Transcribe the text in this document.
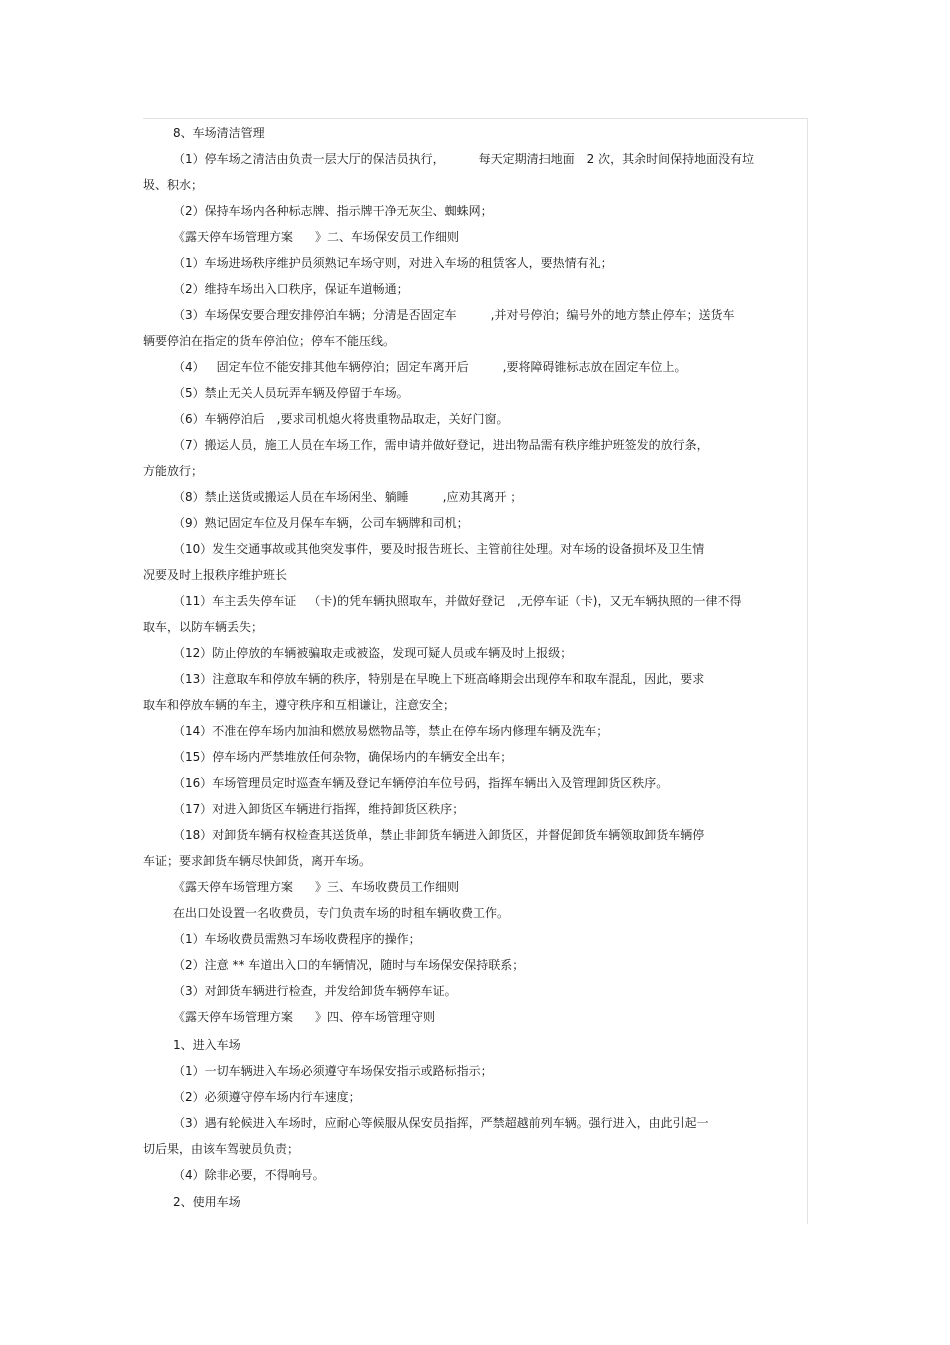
8、车场清洁管理
（1）停车场之清洁由负责一层大厅的保洁员执行，	每天定期清扫地面 2 次，其余时间保持地面没有垃
圾、积水；
（2）保持车场内各种标志牌、指示牌干净无灰尘、蜘蛛网；
《露天停车场管理方案 》二、车场保安员工作细则
（1）车场进场秩序维护员须熟记车场守则，对进入车场的租赁客人，要热情有礼；
（2）维持车场出入口秩序，保证车道畅通；
（3）车场保安要合理安排停泊车辆；分清是否固定车	,并对号停泊；编号外的地方禁止停车；送货车
辆要停泊在指定的货车停泊位；停车不能压线。
（4） 固定车位不能安排其他车辆停泊；固定车离开后	,要将障碍锥标志放在固定车位上。
（5）禁止无关人员玩弄车辆及停留于车场。
（6）车辆停泊后 ,要求司机熄火将贵重物品取走，关好门窗。
（7）搬运人员，施工人员在车场工作，需申请并做好登记，进出物品需有秩序维护班签发的放行条，
方能放行；
（8）禁止送货或搬运人员在车场闲坐、躺睡	,应劝其离开 ；
（9）熟记固定车位及月保车车辆，公司车辆牌和司机；
（10）发生交通事故或其他突发事件，要及时报告班长、主管前往处理。对车场的设备损坏及卫生情
况要及时上报秩序维护班长
（11）车主丢失停车证 （卡)的凭车辆执照取车，并做好登记 ,无停车证（卡)，又无车辆执照的一律不得
取车，以防车辆丢失；
（12）防止停放的车辆被骗取走或被盗，发现可疑人员或车辆及时上报级；
（13）注意取车和停放车辆的秩序，特别是在早晚上下班高峰期会出现停车和取车混乱，因此，要求
取车和停放车辆的车主，遵守秩序和互相谦让，注意安全；
（14）不准在停车场内加油和燃放易燃物品等，禁止在停车场内修理车辆及洗车；
（15）停车场内严禁堆放任何杂物，确保场内的车辆安全出车；
（16）车场管理员定时巡查车辆及登记车辆停泊车位号码，指挥车辆出入及管理卸货区秩序。
（17）对进入卸货区车辆进行指挥，维持卸货区秩序；
（18）对卸货车辆有权检查其送货单，禁止非卸货车辆进入卸货区，并督促卸货车辆领取卸货车辆停
车证；要求卸货车辆尽快卸货，离开车场。
《露天停车场管理方案 》三、车场收费员工作细则
在出口处设置一名收费员，专门负责车场的时租车辆收费工作。
（1）车场收费员需熟习车场收费程序的操作；
（2）注意 ** 车道出入口的车辆情况，随时与车场保安保持联系；
（3）对卸货车辆进行检查，并发给卸货车辆停车证。
《露天停车场管理方案 》四、停车场管理守则
1、进入车场
（1）一切车辆进入车场必须遵守车场保安指示或路标指示；
（2）必须遵守停车场内行车速度；
（3）遇有轮候进入车场时，应耐心等候服从保安员指挥，严禁超越前列车辆。强行进入，由此引起一
切后果，由该车驾驶员负责；
（4）除非必要，不得响号。
2、使用车场
